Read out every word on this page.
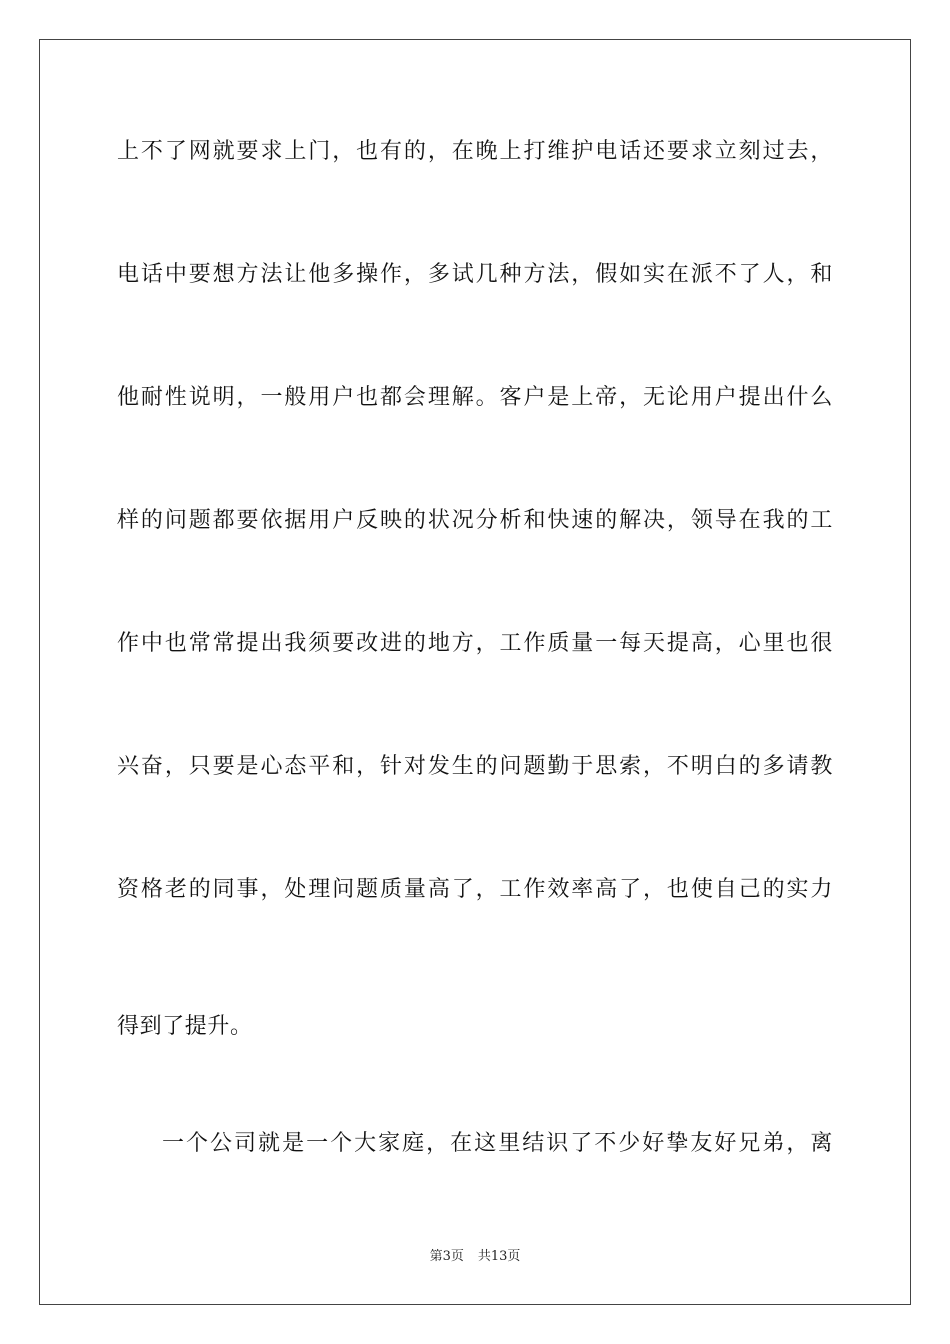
上不了网就要求上门，也有的，在晚上打维护电话还要求立刻过去，
电话中要想方法让他多操作，多试几种方法，假如实在派不了人，和
他耐性说明，一般用户也都会理解。客户是上帝，无论用户提出什么
样的问题都要依据用户反映的状况分析和快速的解决，领导在我的工
作中也常常提出我须要改进的地方，工作质量一每天提高，心里也很
兴奋，只要是心态平和，针对发生的问题勤于思索，不明白的多请教
资格老的同事，处理问题质量高了，工作效率高了，也使自己的实力
得到了提升。
一个公司就是一个大家庭，在这里结识了不少好挚友好兄弟，离
第3页 共13页
